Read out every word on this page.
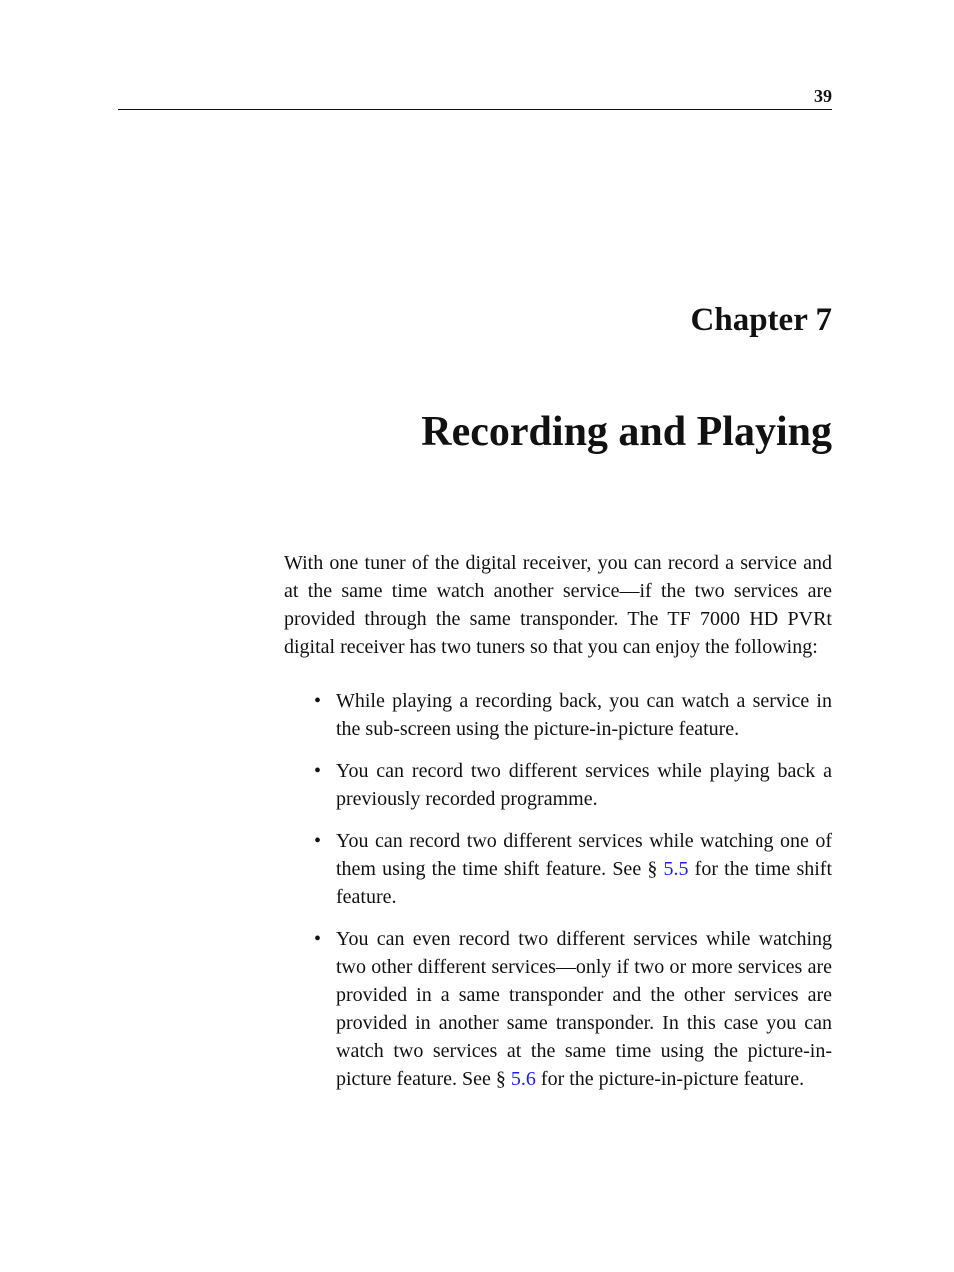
39
Chapter 7
Recording and Playing

With one tuner of the digital receiver, you can record a service and at the same time watch another service—if the two services are provided through the same transponder. The TF 7000 HD PVRt digital receiver has two tuners so that you can enjoy the following:

• While playing a recording back, you can watch a service in the sub-screen using the picture-in-picture feature.
• You can record two different services while playing back a previously recorded programme.
• You can record two different services while watching one of them using the time shift feature. See § 5.5 for the time shift feature.
• You can even record two different services while watching two other different services—only if two or more services are provided in a same transponder and the other services are provided in another same transponder. In this case you can watch two services at the same time using the picture-in-picture feature. See § 5.6 for the picture-in-picture feature.
